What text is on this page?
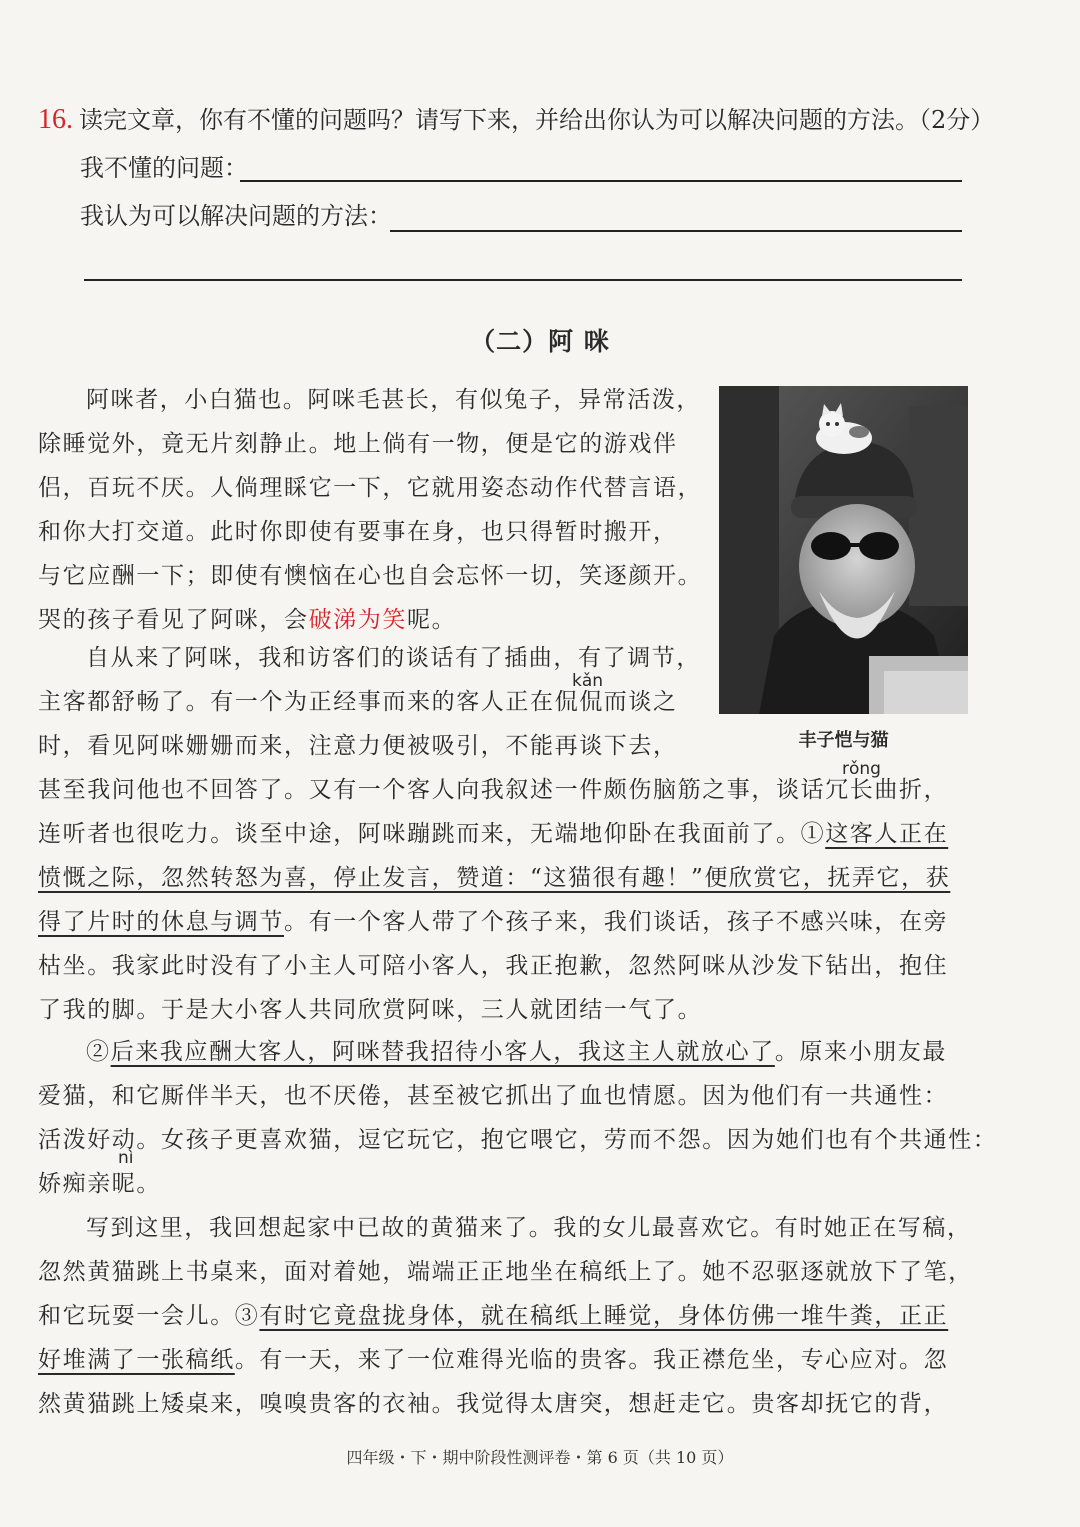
16. 读完文章，你有不懂的问题吗？请写下来，并给出你认为可以解决问题的方法。（2分）
我不懂的问题：
我认为可以解决问题的方法：
（二）阿 咪
丰子恺与猫
kǎn
rǒng
nì
阿咪者，小白猫也。阿咪毛甚长，有似兔子，异常活泼，
除睡觉外，竟无片刻静止。地上倘有一物，便是它的游戏伴
侣，百玩不厌。人倘理睬它一下，它就用姿态动作代替言语，
和你大打交道。此时你即使有要事在身，也只得暂时搬开，
与它应酬一下；即使有懊恼在心也自会忘怀一切，笑逐颜开。
哭的孩子看见了阿咪，会破涕为笑呢。
自从来了阿咪，我和访客们的谈话有了插曲，有了调节，
主客都舒畅了。有一个为正经事而来的客人正在侃侃而谈之
时，看见阿咪姗姗而来，注意力便被吸引，不能再谈下去，
甚至我问他也不回答了。又有一个客人向我叙述一件颇伤脑筋之事，谈话冗长曲折，
连听者也很吃力。谈至中途，阿咪蹦跳而来，无端地仰卧在我面前了。①这客人正在
愤慨之际，忽然转怒为喜，停止发言，赞道：“这猫很有趣！”便欣赏它，抚弄它，获
得了片时的休息与调节。有一个客人带了个孩子来，我们谈话，孩子不感兴味，在旁
枯坐。我家此时没有了小主人可陪小客人，我正抱歉，忽然阿咪从沙发下钻出，抱住
了我的脚。于是大小客人共同欣赏阿咪，三人就团结一气了。
②后来我应酬大客人，阿咪替我招待小客人，我这主人就放心了。原来小朋友最
爱猫，和它厮伴半天，也不厌倦，甚至被它抓出了血也情愿。因为他们有一共通性：
活泼好动。女孩子更喜欢猫，逗它玩它，抱它喂它，劳而不怨。因为她们也有个共通性：
娇痴亲昵。
写到这里，我回想起家中已故的黄猫来了。我的女儿最喜欢它。有时她正在写稿，
忽然黄猫跳上书桌来，面对着她，端端正正地坐在稿纸上了。她不忍驱逐就放下了笔，
和它玩耍一会儿。③有时它竟盘拢身体，就在稿纸上睡觉，身体仿佛一堆牛粪，正正
好堆满了一张稿纸。有一天，来了一位难得光临的贵客。我正襟危坐，专心应对。忽
然黄猫跳上矮桌来，嗅嗅贵客的衣袖。我觉得太唐突，想赶走它。贵客却抚它的背，
四年级・下・期中阶段性测评卷・第 6 页（共 10 页）
